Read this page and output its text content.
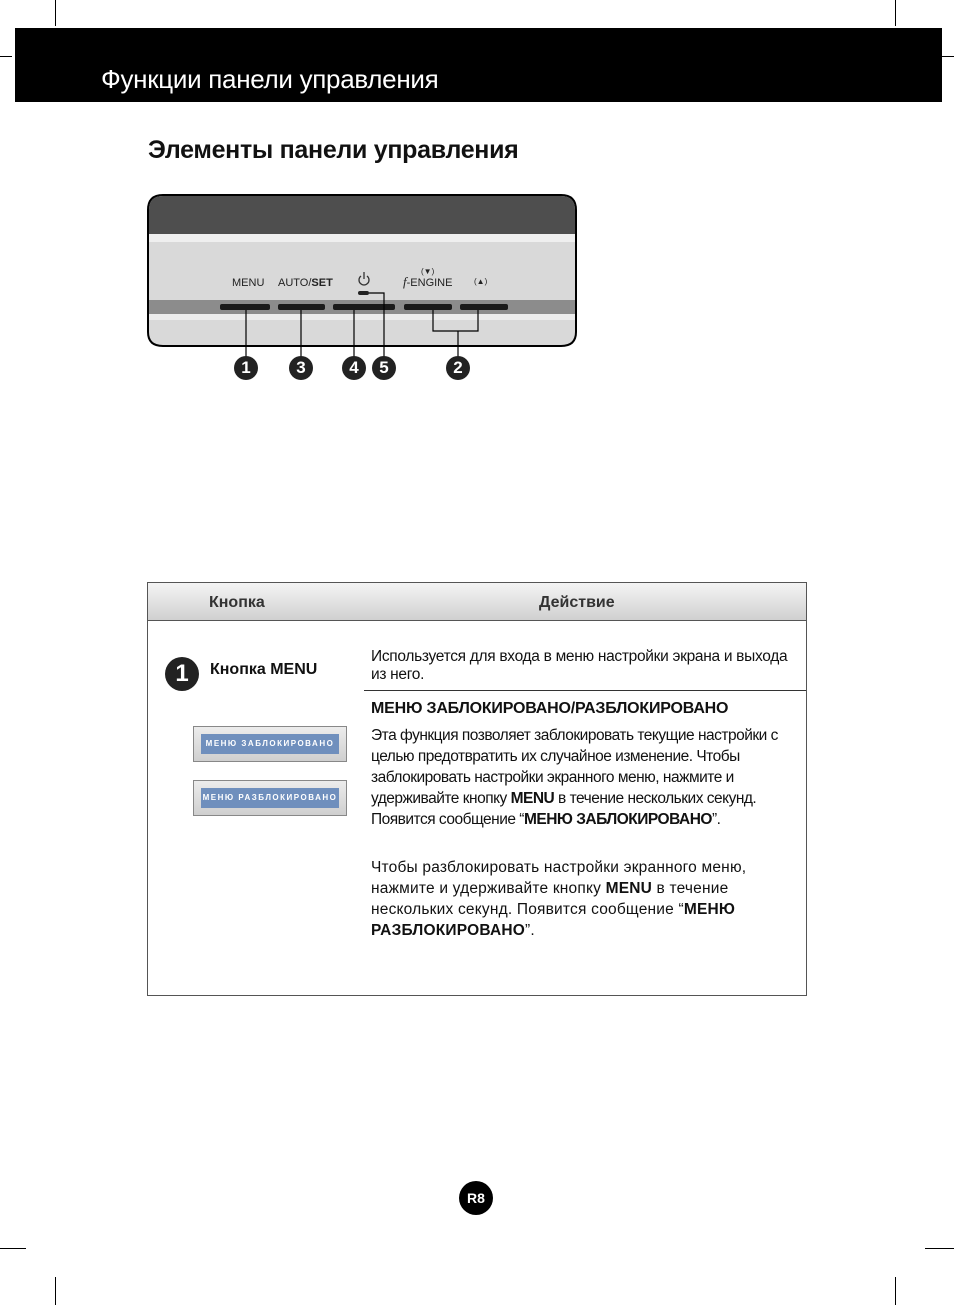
Функции панели управления
Элементы панели управления
MENU AUTO/SET
(▼)
f-ENGINE	(▲)
1	3	4	5	2
Кнопка	Действие
1	Кнопка MENU
МЕНЮ ЗАБЛОКИРОВАНО
МЕНЮ РАЗБЛОКИРОВАНО
Используется для входа в меню настройки экрана и выхода из него.
МЕНЮ ЗАБЛОКИРОВАНО/РАЗБЛОКИРОВАНО
Эта функция позволяет заблокировать текущие настройки с целью предотвратить их случайное изменение. Чтобы заблокировать настройки экранного меню, нажмите и удерживайте кнопку MENU в течение нескольких секунд. Появится сообщение “МЕНЮ ЗАБЛОКИРОВАНО”.
Чтобы разблокировать настройки экранного меню, нажмите и удерживайте кнопку MENU в течение нескольких секунд. Появится сообщение “МЕНЮ РАЗБЛОКИРОВАНО”.
R8
